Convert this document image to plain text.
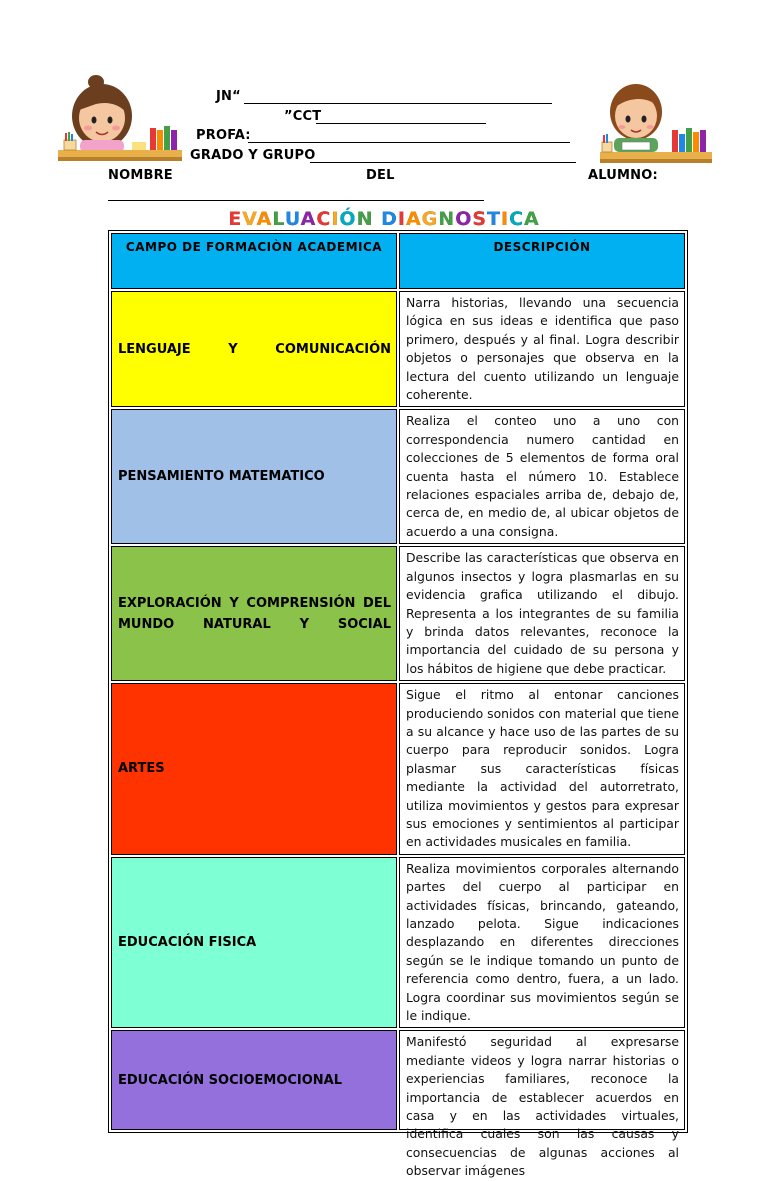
JN“
”CCT
PROFA:
GRADO Y GRUPO
NOMBRE	DEL	ALUMNO:
EVALUACIÓN DIAGNOSTICA
CAMPO DE FORMACIÒN ACADEMICA	DESCRIPCIÓN
LENGUAJE Y COMUNICACIÓN	Narra historias, llevando una secuencia lógica en sus ideas e identifica que paso primero, después y al final. Logra describir objetos o personajes que observa en la lectura del cuento utilizando un lenguaje coherente.
PENSAMIENTO MATEMATICO	Realiza el conteo uno a uno con correspondencia numero cantidad en colecciones de 5 elementos de forma oral cuenta hasta el número 10. Establece relaciones espaciales arriba de, debajo de, cerca de, en medio de, al ubicar objetos de acuerdo a una consigna.
EXPLORACIÓN Y COMPRENSIÓN DEL MUNDO NATURAL Y SOCIAL	Describe las características que observa en algunos insectos y logra plasmarlas en su evidencia grafica utilizando el dibujo. Representa a los integrantes de su familia y brinda datos relevantes, reconoce la importancia del cuidado de su persona y los hábitos de higiene que debe practicar.
ARTES	Sigue el ritmo al entonar canciones produciendo sonidos con material que tiene a su alcance y hace uso de las partes de su cuerpo para reproducir sonidos. Logra plasmar sus características físicas mediante la actividad del autorretrato, utiliza movimientos y gestos para expresar sus emociones y sentimientos al participar en actividades musicales en familia.
EDUCACIÓN FISICA	Realiza movimientos corporales alternando partes del cuerpo al participar en actividades físicas, brincando, gateando, lanzado pelota. Sigue indicaciones desplazando en diferentes direcciones según se le indique tomando un punto de referencia como dentro, fuera, a un lado. Logra coordinar sus movimientos según se le indique.
EDUCACIÓN SOCIOEMOCIONAL	Manifestó seguridad al expresarse mediante videos y logra narrar historias o experiencias familiares, reconoce la importancia de establecer acuerdos en casa y en las actividades virtuales, identifica cuales son las causas y consecuencias de algunas acciones al observar imágenes
